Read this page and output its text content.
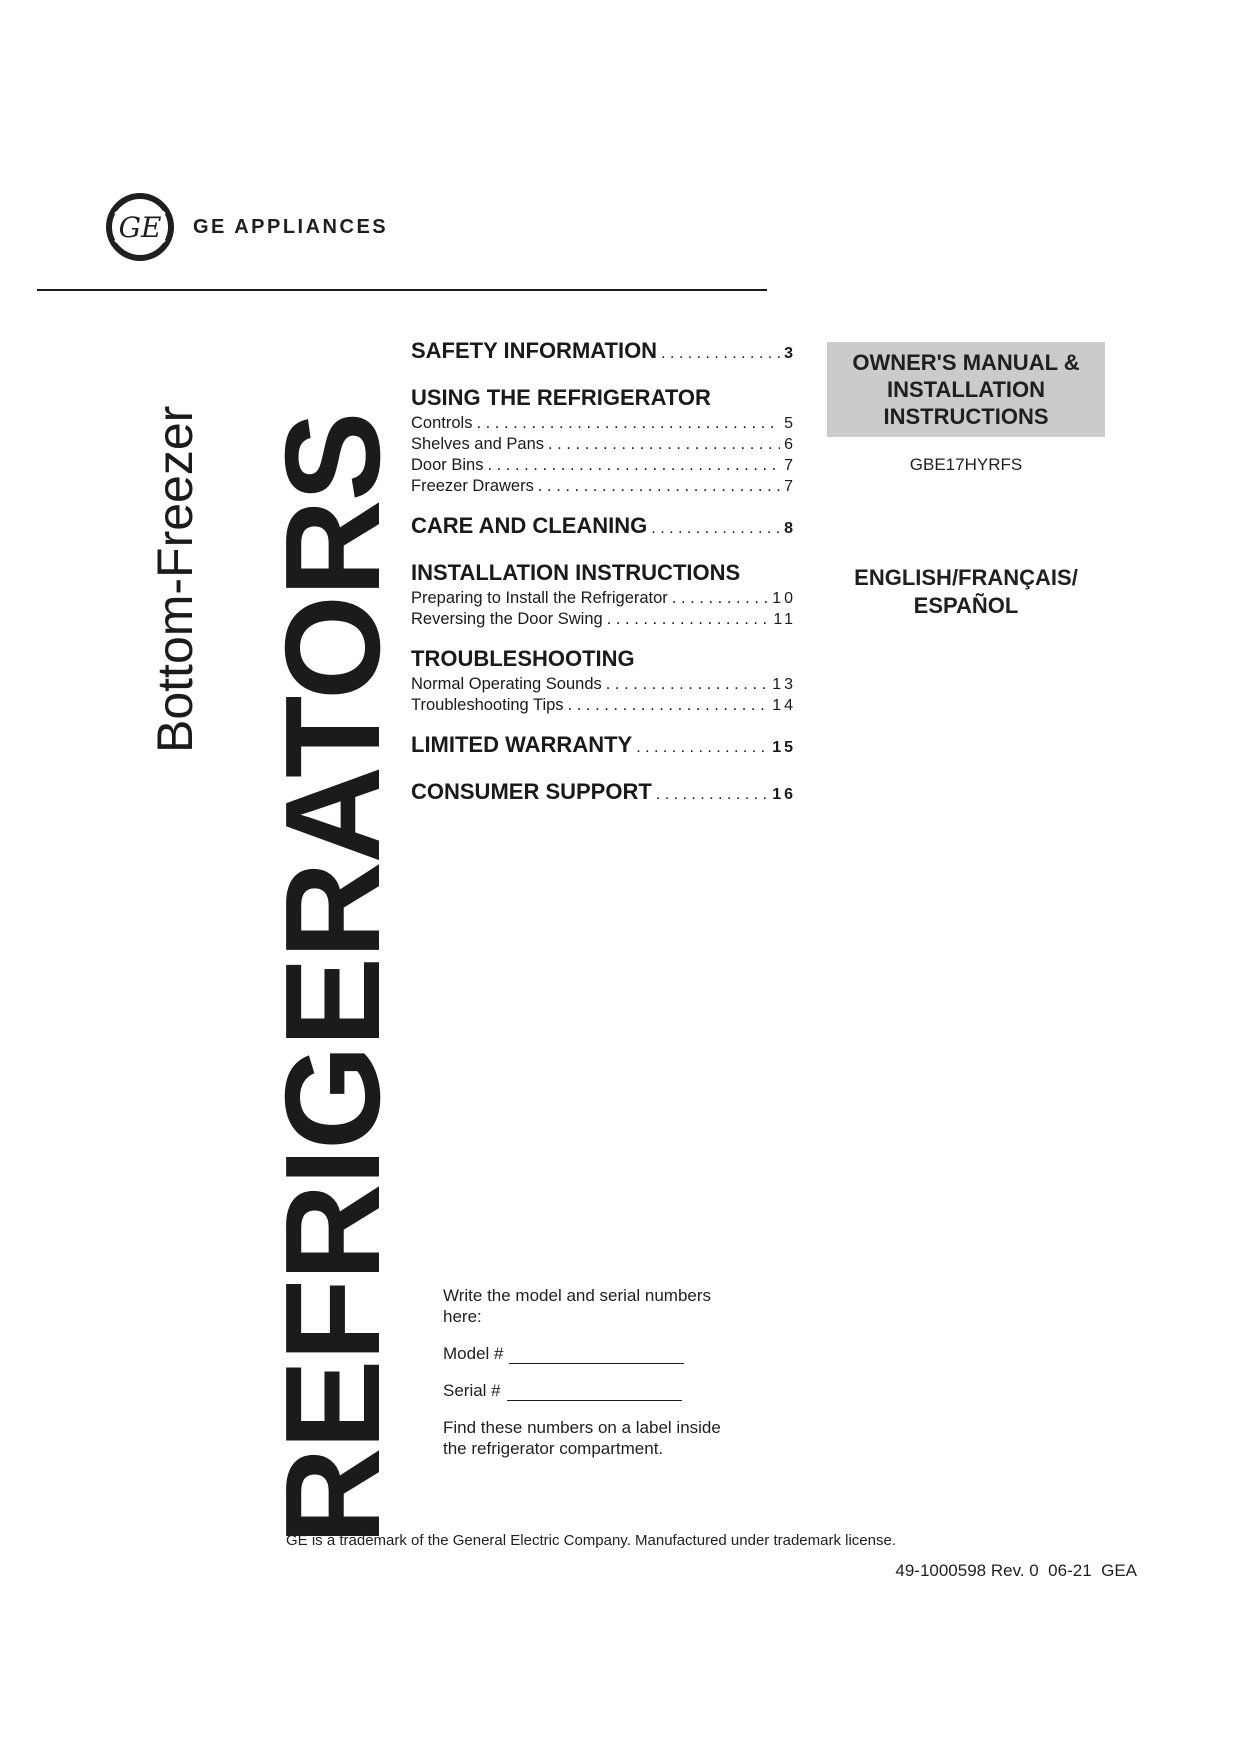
GE GE APPLIANCES
REFRIGERATORS
Bottom-Freezer
SAFETY INFORMATION . . .	3
USING THE REFRIGERATOR
Controls . . .	5
Shelves and Pans . . .	6
Door Bins . . .	7
Freezer Drawers . . .	7
CARE AND CLEANING . . .	8
INSTALLATION INSTRUCTIONS
Preparing to Install the Refrigerator . . .	10
Reversing the Door Swing . . .	11
TROUBLESHOOTING
Normal Operating Sounds . . .	13
Troubleshooting Tips . . .	14
LIMITED WARRANTY . . .	15
CONSUMER SUPPORT . . .	16
OWNER'S MANUAL &
INSTALLATION
INSTRUCTIONS
GBE17HYRFS
ENGLISH/FRANÇAIS/
ESPAÑOL

Write the model and serial numbers here:

Model #

Serial #

Find these numbers on a label inside the refrigerator compartment.

GE is a trademark of the General Electric Company. Manufactured under trademark license.
49-1000598 Rev. 0  06-21  GEA
